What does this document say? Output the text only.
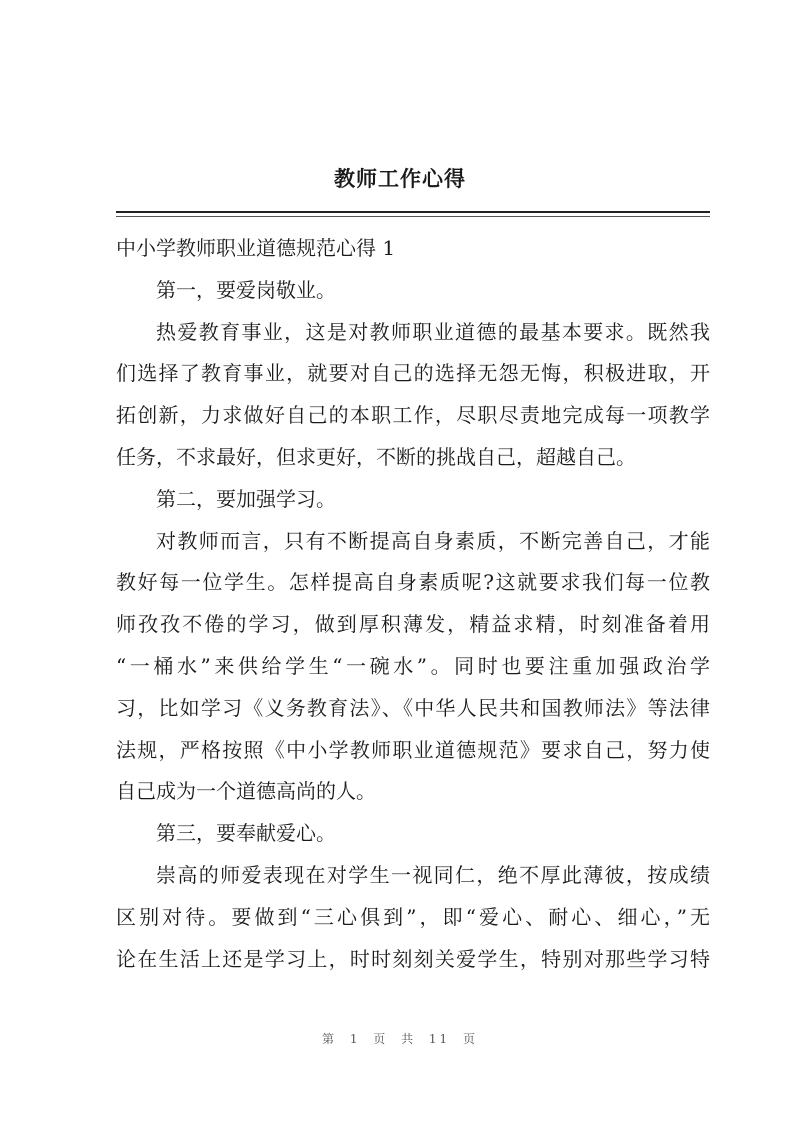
教师工作心得
中小学教师职业道德规范心得 1
第一，要爱岗敬业。
热爱教育事业，这是对教师职业道德的最基本要求。既然我
们选择了教育事业，就要对自己的选择无怨无悔，积极进取，开
拓创新，力求做好自己的本职工作，尽职尽责地完成每一项教学
任务，不求最好，但求更好，不断的挑战自己，超越自己。
第二，要加强学习。
对教师而言，只有不断提高自身素质，不断完善自己，才能
教好每一位学生。怎样提高自身素质呢?这就要求我们每一位教
师孜孜不倦的学习，做到厚积薄发，精益求精，时刻准备着用
“一桶水”来供给学生“一碗水”。同时也要注重加强政治学
习，比如学习《义务教育法》、《中华人民共和国教师法》等法律
法规，严格按照《中小学教师职业道德规范》要求自己，努力使
自己成为一个道德高尚的人。
第三，要奉献爱心。
崇高的师爱表现在对学生一视同仁，绝不厚此薄彼，按成绩
区别对待。要做到“三心俱到”，即“爱心、耐心、细心，”无
论在生活上还是学习上，时时刻刻关爱学生，特别对那些学习特
第 1 页 共 11 页
